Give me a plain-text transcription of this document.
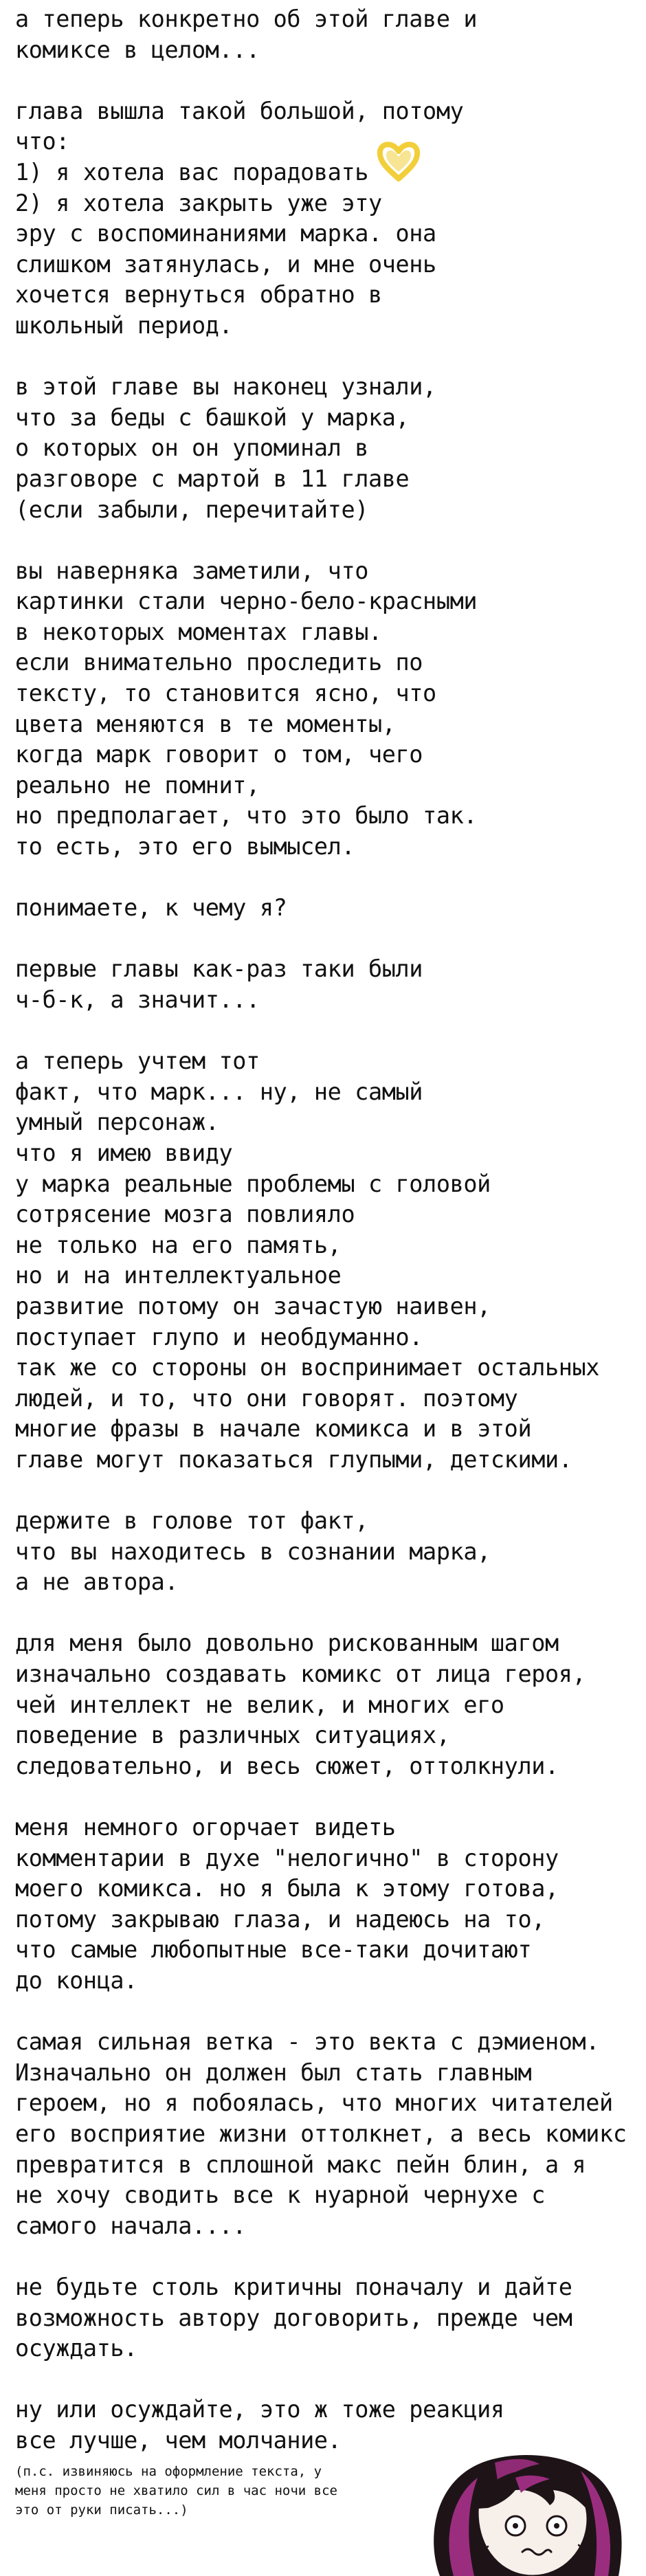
а теперь конкретно об этой главе и
комиксе в целом...
глава вышла такой большой, потому
что:
1) я хотела вас порадовать
2) я хотела закрыть уже эту
эру с воспоминаниями марка. она
слишком затянулась, и мне очень
хочется вернуться обратно в
школьный период.
в этой главе вы наконец узнали,
что за беды с башкой у марка,
о которых он он упоминал в
разговоре с мартой в 11 главе
(если забыли, перечитайте)
вы наверняка заметили, что
картинки стали черно-бело-красными
в некоторых моментах главы.
если внимательно проследить по
тексту, то становится ясно, что
цвета меняются в те моменты,
когда марк говорит о том, чего
реально не помнит,
но предполагает, что это было так.
то есть, это его вымысел.
понимаете, к чему я?
первые главы как-раз таки были
ч-б-к, а значит...
а теперь учтем тот
факт, что марк... ну, не самый
умный персонаж.
что я имею ввиду
у марка реальные проблемы с головой
сотрясение мозга повлияло
не только на его память,
но и на интеллектуальное
развитие потому он зачастую наивен,
поступает глупо и необдуманно.
так же со стороны он воспринимает остальных
людей, и то, что они говорят. поэтому
многие фразы в начале комикса и в этой
главе могут показаться глупыми, детскими.
держите в голове тот факт,
что вы находитесь в сознании марка,
а не автора.
для меня было довольно рискованным шагом
изначально создавать комикс от лица героя,
чей интеллект не велик, и многих его
поведение в различных ситуациях,
следовательно, и весь сюжет, оттолкнули.
меня немного огорчает видеть
комментарии в духе "нелогично" в сторону
моего комикса. но я была к этому готова,
потому закрываю глаза, и надеюсь на то,
что самые любопытные все-таки дочитают
до конца.
самая сильная ветка - это векта с дэмиеном.
Изначально он должен был стать главным
героем, но я побоялась, что многих читателей
его восприятие жизни оттолкнет, а весь комикс
превратится в сплошной макс пейн блин, а я
не хочу сводить все к нуарной чернухе с
самого начала....
не будьте столь критичны поначалу и дайте
возможность автору договорить, прежде чем
осуждать.
ну или осуждайте, это ж тоже реакция
все лучше, чем молчание.
(п.с. извиняюсь на оформление текста, у
меня просто не хватило сил в час ночи все
это от руки писать...)
